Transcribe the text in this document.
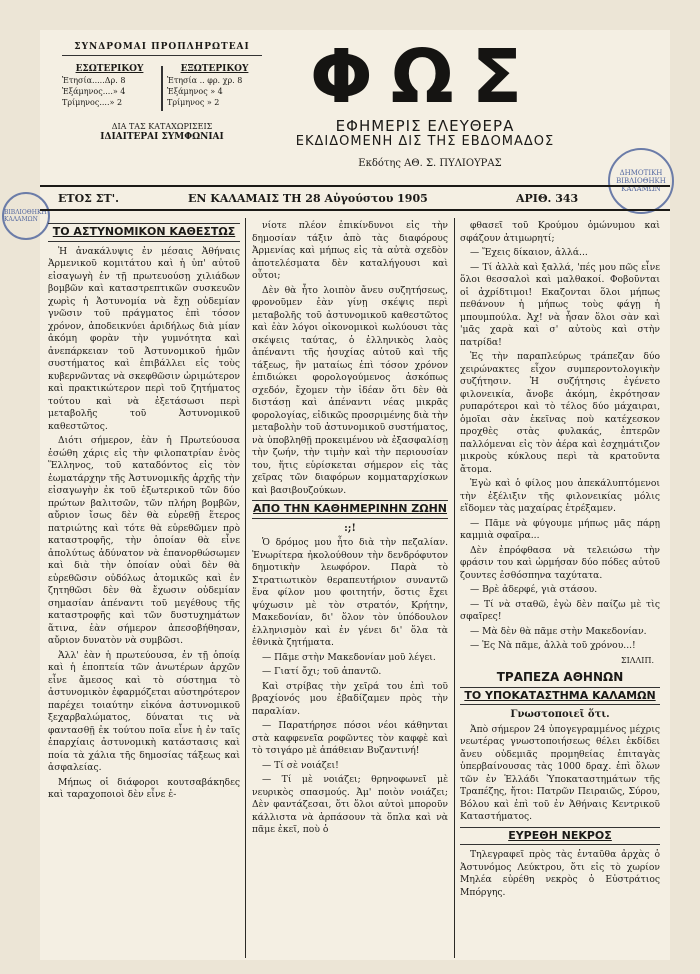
ΣΥΝΔΡΟΜΑΙ ΠΡΟΠΛΗΡΩΤΕΑΙ
ΕΣΩΤΕΡΙΚΟΥ
Ἐτησία.....Δρ. 8
Ἑξάμηνος....» 4
Τρίμηνος....» 2
ΕΞΩΤΕΡΙΚΟΥ
Ἐτησία .. φρ. χρ. 8
Ἑξάμηνος » 4
Τρίμηνος » 2
ΔΙΑ ΤΑΣ ΚΑΤΑΧΩΡΙΣΕΙΣ
ΙΔΙΑΙΤΕΡΑΙ ΣΥΜΦΩΝΙΑΙ
ΦΩΣ
ΕΦΗΜΕΡΙΣ ΕΛΕΥΘΕΡΑ
ΕΚΔΙΔΟΜΕΝΗ ΔΙΣ ΤΗΣ ΕΒΔΟΜΑΔΟΣ
Εκδότης ΑΘ. Σ. ΠΥΛΙΟΥΡΑΣ
ΔΗΜΟΤΙΚΗ ΒΙΒΛΙΟΘΗΚΗ ΚΑΛΑΜΩΝ
ΒΙΒΛΙΟΘΗΚΗ ΚΑΛΑΜΩΝ
ΕΤΟΣ ΣΤ'.	ΕΝ ΚΑΛΑΜΑΙΣ ΤΗ 28 Αὐγούστου 1905	ΑΡΙΘ. 343
ΤΟ ΑΣΤΥΝΟΜΙΚΟΝ ΚΑΘΕΣΤΩΣ

Ἡ ἀνακάλυψις ἐν μέσαις Ἀθήναις Ἀρμενικοῦ κομιτάτου καὶ ἡ ὑπ' αὐτοῦ εἰσαγωγὴ ἐν τῇ πρωτευούσῃ χιλιάδων βομβῶν καὶ καταστρεπτικῶν συσκευῶν χωρὶς ἡ Ἀστυνομία νὰ ἔχῃ οὐδεμίαν γνῶσιν τοῦ πράγματος ἐπὶ τόσον χρόνον, ἀποδεικνύει ἀριδήλως διὰ μίαν ἀκόμη φορὰν τὴν γυμνότητα καὶ ἀνεπάρκειαν τοῦ Ἀστυνομικοῦ ἡμῶν συστήματος καὶ ἐπιβάλλει εἰς τοὺς κυβερνῶντας νὰ σκεφθῶσιν ὡριμώτερον καὶ πρακτικώτερον περὶ τοῦ ζητήματος τούτου καὶ νὰ ἐξετάσωσι περὶ μεταβολῆς τοῦ Ἀστυνομικοῦ καθεστῶτος.

Διότι σήμερον, ἐὰν ἡ Πρωτεύουσα ἐσώθη χάρις εἰς τὴν φιλοπατρίαν ἑνὸς Ἕλληνος, τοῦ καταδόντος εἰς τὸν ἑωματάρχην τῆς Ἀστυνομικῆς ἀρχῆς τὴν εἰσαγωγὴν ἐκ τοῦ ἐξωτερικοῦ τῶν δύο πρώτων βαλιτσῶν, τῶν πλήρη βομβῶν, αὔριον ἴσως δὲν θὰ εὑρεθῇ ἕτερος πατριώτης καὶ τότε θὰ εὑρεθῶμεν πρὸ καταστροφῆς, τὴν ὁποίαν θὰ εἶνε ἀπολύτως ἀδύνατον νὰ ἐπανορθώσωμεν καὶ διὰ τὴν ὁποίαν οὐαὶ δὲν θὰ εὑρεθῶσιν οὐδόλως ἀτομικῶς καὶ ἐν ζητηθῶσι δὲν θὰ ἔχωσιν οὐδεμίαν σημασίαν ἀπέναντι τοῦ μεγέθους τῆς καταστροφῆς καὶ τῶν δυστυχημάτων ἅτινα, ἐὰν σήμερον ἀπεσοβήθησαν, αὔριον δυνατὸν νὰ συμβῶσι.

Ἀλλ' ἐὰν ἡ πρωτεύουσα, ἐν τῇ ὁποίᾳ καὶ ἡ ἐποπτεία τῶν ἀνωτέρων ἀρχῶν εἶνε ἄμεσος καὶ τὸ σύστημα τὸ ἀστυνομικὸν ἐφαρμόζεται αὐστηρότερον παρέχει τοιαύτην εἰκόνα ἀστυνομικοῦ ξεχαρβαλώματος, δύναται τις νὰ φαντασθῇ ἐκ τούτου ποῖα εἶνε ἡ ἐν ταῖς ἐπαρχίαις ἀστυνομικὴ κατάστασις καὶ ποία τὰ χάλια τῆς δημοσίας τάξεως καὶ ἀσφαλείας.

Μήπως οἱ διάφοροι κουτσαβάκηδες καὶ ταραχοποιοὶ δὲν εἶνε ἐ-

νίοτε πλέον ἐπικίνδυνοι εἰς τὴν δημοσίαν τάξιν ἀπὸ τὰς διαφόρους Ἀρμενίας καὶ μήπως εἰς τὰ αὐτὰ σχεδὸν ἀποτελέσματα δὲν καταλήγουσι καὶ οὗτοι;

Δὲν θὰ ἦτο λοιπὸν ἄνευ συζητήσεως, φρονοῦμεν ἐὰν γίνῃ σκέψις περὶ μεταβολῆς τοῦ ἀστυνομικοῦ καθεστῶτος καὶ ἐὰν λόγοι οἰκονομικοὶ κωλύουσι τὰς σκέψεις ταύτας, ὁ ἑλληνικὸς λαὸς ἀπέναντι τῆς ἡσυχίας αὐτοῦ καὶ τῆς τάξεως, ἣν ματαίως ἐπὶ τόσον χρόνον ἐπιδιώκει φορολογούμενος ἀσκόπως σχεδόν, ἔχομεν τὴν ἰδέαν ὅτι δὲν θὰ διστάσῃ καὶ ἀπέναντι νέας μικρᾶς φορολογίας, εἰδικῶς προσριμένης διὰ τὴν μεταβολὴν τοῦ ἀστυνομικοῦ συστήματος, νὰ ὑποβληθῇ προκειμένου νὰ ἐξασφαλίσῃ τὴν ζωήν, τὴν τιμὴν καὶ τὴν περιουσίαν του, ἥτις εὑρίσκεται σήμερον εἰς τὰς χεῖρας τῶν διαφόρων κομματαρχίσκων καὶ βασιβουζούκων.

ΑΠΟ ΤΗΝ ΚΑΘΗΜΕΡΙΝΗΝ ΖΩΗΝ
:;!

Ὁ δρόμος μου ἦτο διὰ τὴν πεζαλίαν. Ἐνωρίτερα ἠκολούθουν τὴν δενδρόφυτον δημοτικὴν λεωφόρον. Παρὰ τὸ Στρατιωτικὸν θεραπευτήριον συναντῶ ἕνα φίλον μου φοιτητήν, ὅστις ἔχει ψύχωσιν μὲ τὸν στρατόν, Κρήτην, Μακεδονίαν, δι' ὅλον τὸν ὑπόδουλον ἑλληνισμὸν καὶ ἐν γένει δι' ὅλα τὰ ἐθνικὰ ζητήματα.

— Πᾶμε στὴν Μακεδονίαν μοῦ λέγει.

— Γιατί ὄχι; τοῦ ἀπαντῶ.

Καὶ στρίβας τὴν χεῖρά του ἐπὶ τοῦ βραχίονός μου ἐβαδίζαμεν πρὸς τὴν παραλίαν.

— Παρατήρησε πόσοι νέοι κάθηνται στὰ καφφενεῖα ροφῶντες τὸν καφφὲ καὶ τὸ τσιγάρο μὲ ἀπάθειαν Βυζαντινή!

— Τί σὲ νοιάζει!

— Τί μὲ νοιάζει; θρηνοφωνεῖ μὲ νευρικὸς σπασμούς. Ἀμ' ποιὸν νοιάζει; Δὲν φαντάζεσαι, ὅτι ὅλοι αὐτοὶ μποροῦν κάλλιστα νὰ ἁρπάσουν τὰ ὅπλα καὶ νὰ πᾶμε ἐκεῖ, ποὺ ὁ

φθασεῖ τοῦ Κρούμου ὁμώνυμου καὶ σφάζουν ἀτιμωρητί;

— Ἔχεις δίκαιον, ἀλλά...

— Τί ἀλλὰ καὶ ξαλλά, 'πές μου πῶς εἶνε ὅλοι θεσσαλοὶ καὶ μαλθακοί. Φοβοῦνται οἱ ἀχρίδτιμοι! Εκαζονται ὅλοι μήπως πεθάνουν ἡ μήπως τοὺς φάγῃ ἡ μπουμπούλα. Ἀχ! νὰ ἦσαν ὅλοι σὰν καὶ 'μᾶς χαρὰ καὶ σ' αὐτοὺς καὶ στὴν πατρίδα!

Ἐς τὴν παραπλεύρως τράπεζαν δύο χειρώνακτες εἶχον συμπεροντολογικὴν συζήτησιν. Ἡ συζήτησις ἐγένετο φιλονεικία, ἄνοβε ἀκόμη, ἐκρότησαν ρυπαρότεροι καὶ τὸ τέλος δύο μάχαιραι, ὁμοῖαι σὰν ἐκεῖνας ποὺ κατέχεσκον προχθὲς στὰς φυλακάς, ἐπτερῶν παλλόμεναι εἰς τὸν ἀέρα καὶ ἐσχημάτιζον μικροὺς κύκλους περὶ τὰ κρατοῦντα ἄτομα.

Ἐγὼ καὶ ὁ φίλος μου ἀπεκάλυπτόμενοι τὴν ἐξέλιξιν τῆς φιλονεικίας μόλις εἴδομεν τὰς μαχαίρας ἐτρέξαμεν.

— Πᾶμε νὰ φύγουμε μήπως μᾶς πάρῃ καμμιὰ σφαῖρα...

Δὲν ἐπρόφθασα νὰ τελειώσω τὴν φράσιν του καὶ ὡρμήσαν δύο πόδες αὐτοῦ ζουντες ἐσθόσπηνα ταχύτατα.

— Βρὲ ἀδερφέ, γιὰ στάσου.

— Τί νὰ σταθῶ, ἐγὼ δὲν παίζω μὲ τὶς σφαῖρες!

— Μὰ δὲν θὰ πᾶμε στὴν Μακεδονίαν.

— Ἐς Νὰ πᾶμε, ἀλλὰ τοῦ χρόνου...!

ΣΙΛΛΙΠ.
ΤΡΑΠΕΖΑ ΑΘΗΝΩΝ
ΤΟ ΥΠΟΚΑΤΑΣΤΗΜΑ ΚΑΛΑΜΩΝ
Γνωστοποιεῖ ὅτι.

Ἀπὸ σήμερον 24 ὑπογεγραμμένος μέχρις νεωτέρας γνωστοποιήσεως θέλει ἐκδίδει ἄνευ οὐδεμιᾶς προμηθείας ἐπιταγὰς ὑπερβαίνουσας τὰς 1000 δραχ. ἐπὶ ὅλων τῶν ἐν Ἑλλάδι Ὑποκαταστημάτων τῆς Τραπέζης, ἤτοι: Πατρῶν Πειραιῶς, Σύρου, Βόλου καὶ ἐπὶ τοῦ ἐν Ἀθήναις Κεντρικοῦ Καταστήματος.

ΕΥΡΕΘΗ ΝΕΚΡΟΣ

Τηλεγραφεῖ πρὸς τὰς ἐνταῦθα ἀρχὰς ὁ Ἀστυνόμος Λεύκτρου, ὅτι εἰς τὸ χωρίον Μηλέα εὑρέθη νεκρὸς ὁ Εὐστράτιος Μπόργης.
